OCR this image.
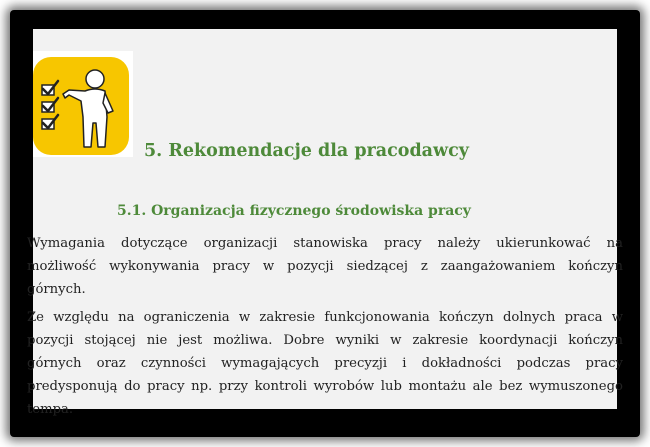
5. Rekomendacje dla pracodawcy
5.1. Organizacja fizycznego środowiska pracy
Wymagania dotyczące organizacji stanowiska pracy należy ukierunkować na
możliwość wykonywania pracy w pozycji siedzącej z zaangażowaniem kończyn
górnych.
Ze względu na ograniczenia w zakresie funkcjonowania kończyn dolnych praca w
pozycji stojącej nie jest możliwa. Dobre wyniki w zakresie koordynacji kończyn
górnych oraz czynności wymagających precyzji i dokładności podczas pracy
predysponują do pracy np. przy kontroli wyrobów lub montażu ale bez wymuszonego
tempa.
